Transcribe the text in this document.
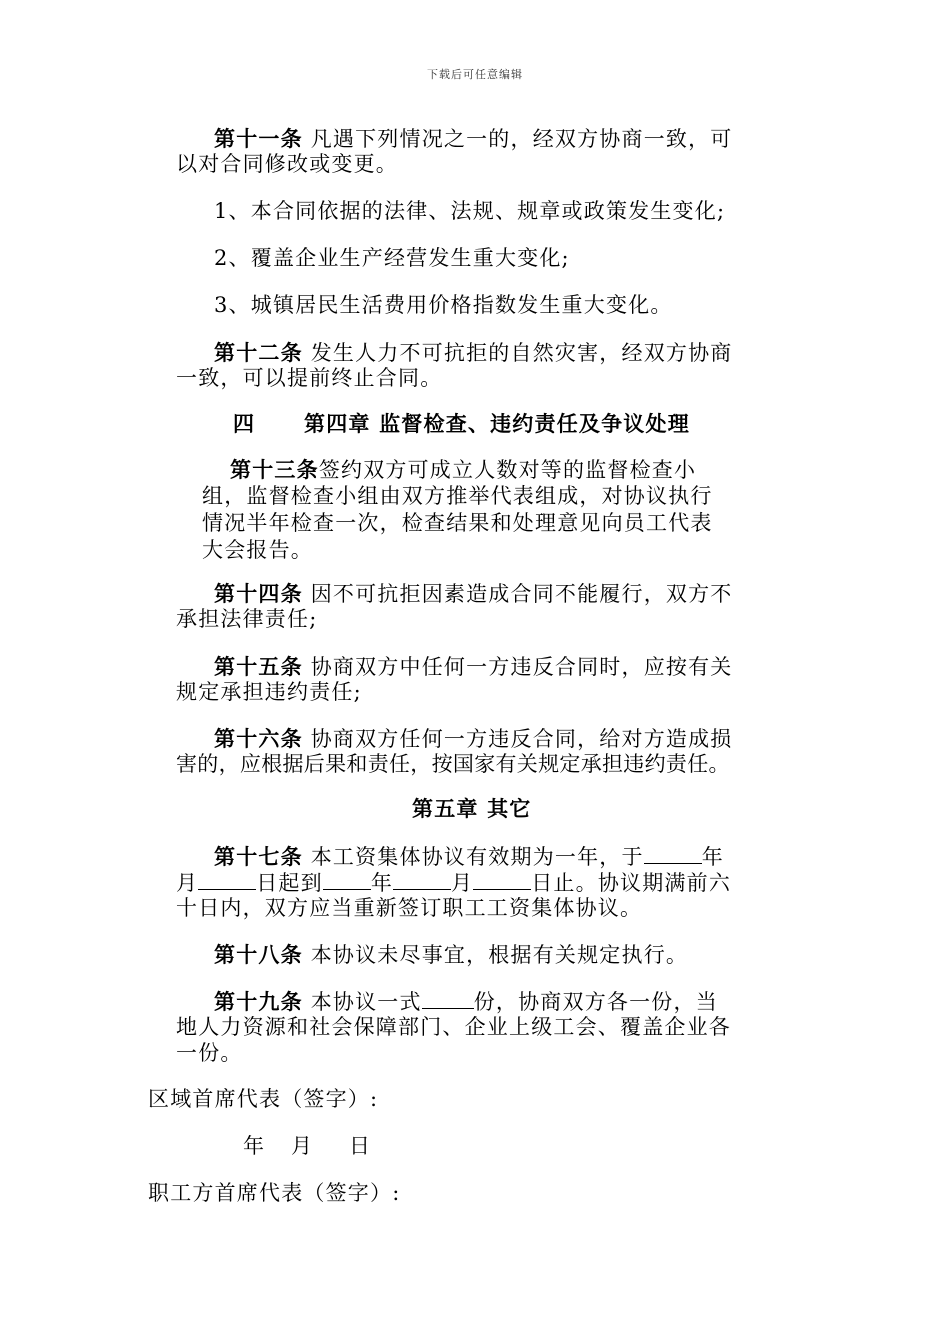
下载后可任意编辑
第十一条 凡遇下列情况之一的，经双方协商一致，可
以对合同修改或变更。
1、本合同依据的法律、法规、规章或政策发生变化;
2、覆盖企业生产经营发生重大变化;
3、城镇居民生活费用价格指数发生重大变化。
第十二条 发生人力不可抗拒的自然灾害，经双方协商
一致，可以提前终止合同。
四 第四章 监督检查、违约责任及争议处理
第十三条签约双方可成立人数对等的监督检查小
组，监督检查小组由双方推举代表组成，对协议执行
情况半年检查一次，检查结果和处理意见向员工代表
大会报告。
第十四条 因不可抗拒因素造成合同不能履行，双方不
承担法律责任;
第十五条 协商双方中任何一方违反合同时，应按有关
规定承担违约责任;
第十六条 协商双方任何一方违反合同，给对方造成损
害的，应根据后果和责任，按国家有关规定承担违约责任。
第五章 其它
第十七条 本工资集体协议有效期为一年，于	年
月	日起到 年	月	日止。协议期满前六
十日内，双方应当重新签订职工工资集体协议。
第十八条 本协议未尽事宜，根据有关规定执行。
第十九条 本协议一式 份，协商双方各一份，当
地人力资源和社会保障部门、企业上级工会、覆盖企业各
一份。
区域首席代表（签字）:
年 月 日
职工方首席代表（签字）:
